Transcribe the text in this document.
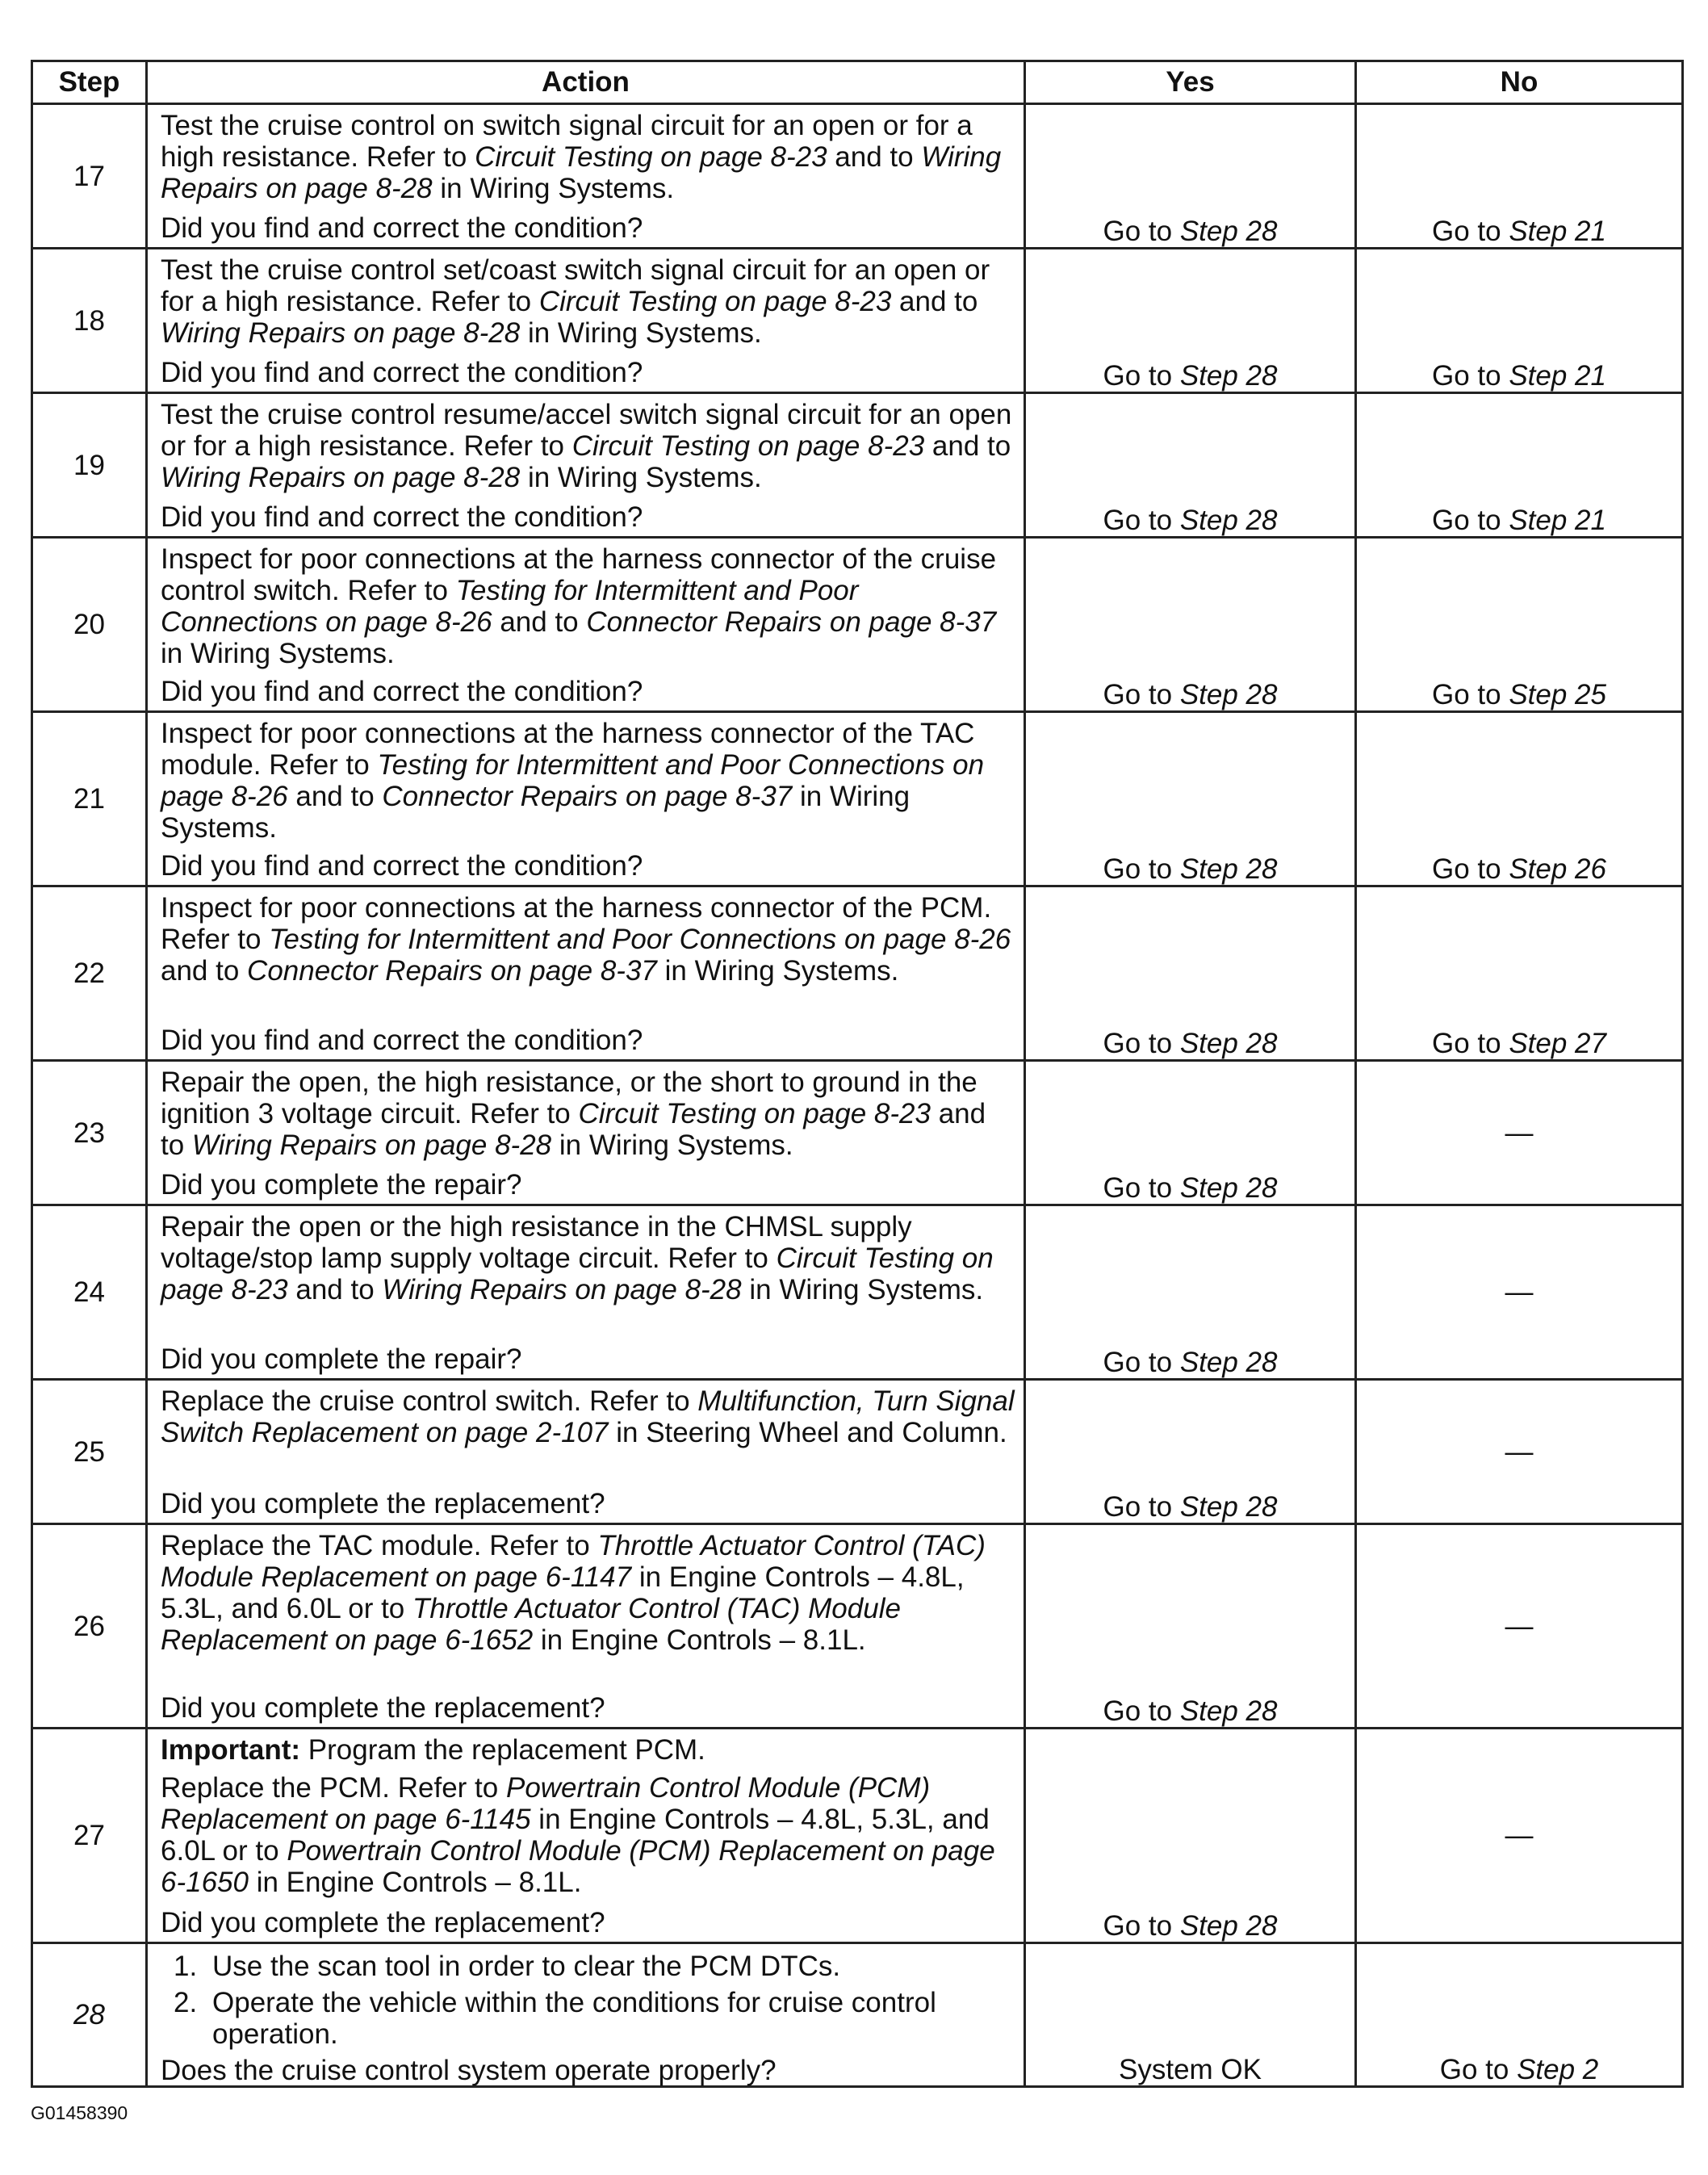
Step	Action	Yes	No
17	Test the cruise control on switch signal circuit for an open or for a high resistance. Refer to Circuit Testing on page 8-23 and to Wiring Repairs on page 8-28 in Wiring Systems.
Did you find and correct the condition?	Go to Step 28	Go to Step 21
18	Test the cruise control set/coast switch signal circuit for an open or for a high resistance. Refer to Circuit Testing on page 8-23 and to Wiring Repairs on page 8-28 in Wiring Systems.
Did you find and correct the condition?	Go to Step 28	Go to Step 21
19	Test the cruise control resume/accel switch signal circuit for an open or for a high resistance. Refer to Circuit Testing on page 8-23 and to Wiring Repairs on page 8-28 in Wiring Systems.
Did you find and correct the condition?	Go to Step 28	Go to Step 21
20	Inspect for poor connections at the harness connector of the cruise control switch. Refer to Testing for Intermittent and Poor Connections on page 8-26 and to Connector Repairs on page 8-37 in Wiring Systems.
Did you find and correct the condition?	Go to Step 28	Go to Step 25
21	Inspect for poor connections at the harness connector of the TAC module. Refer to Testing for Intermittent and Poor Connections on page 8-26 and to Connector Repairs on page 8-37 in Wiring Systems.
Did you find and correct the condition?	Go to Step 28	Go to Step 26
22	Inspect for poor connections at the harness connector of the PCM. Refer to Testing for Intermittent and Poor Connections on page 8-26 and to Connector Repairs on page 8-37 in Wiring Systems.
Did you find and correct the condition?	Go to Step 28	Go to Step 27
23	Repair the open, the high resistance, or the short to ground in the ignition 3 voltage circuit. Refer to Circuit Testing on page 8-23 and to Wiring Repairs on page 8-28 in Wiring Systems.
Did you complete the repair?	Go to Step 28	—
24	Repair the open or the high resistance in the CHMSL supply voltage/stop lamp supply voltage circuit. Refer to Circuit Testing on page 8-23 and to Wiring Repairs on page 8-28 in Wiring Systems.
Did you complete the repair?	Go to Step 28	—
25	Replace the cruise control switch. Refer to Multifunction, Turn Signal Switch Replacement on page 2-107 in Steering Wheel and Column.
Did you complete the replacement?	Go to Step 28	—
26	Replace the TAC module. Refer to Throttle Actuator Control (TAC) Module Replacement on page 6-1147 in Engine Controls – 4.8L, 5.3L, and 6.0L or to Throttle Actuator Control (TAC) Module Replacement on page 6-1652 in Engine Controls – 8.1L.
Did you complete the replacement?	Go to Step 28	—
27	Important: Program the replacement PCM.
Replace the PCM. Refer to Powertrain Control Module (PCM) Replacement on page 6-1145 in Engine Controls – 4.8L, 5.3L, and 6.0L or to Powertrain Control Module (PCM) Replacement on page 6-1650 in Engine Controls – 8.1L.
Did you complete the replacement?	Go to Step 28	—
28	1. Use the scan tool in order to clear the PCM DTCs.
2. Operate the vehicle within the conditions for cruise control operation.
Does the cruise control system operate properly?	System OK	Go to Step 2
G01458390
